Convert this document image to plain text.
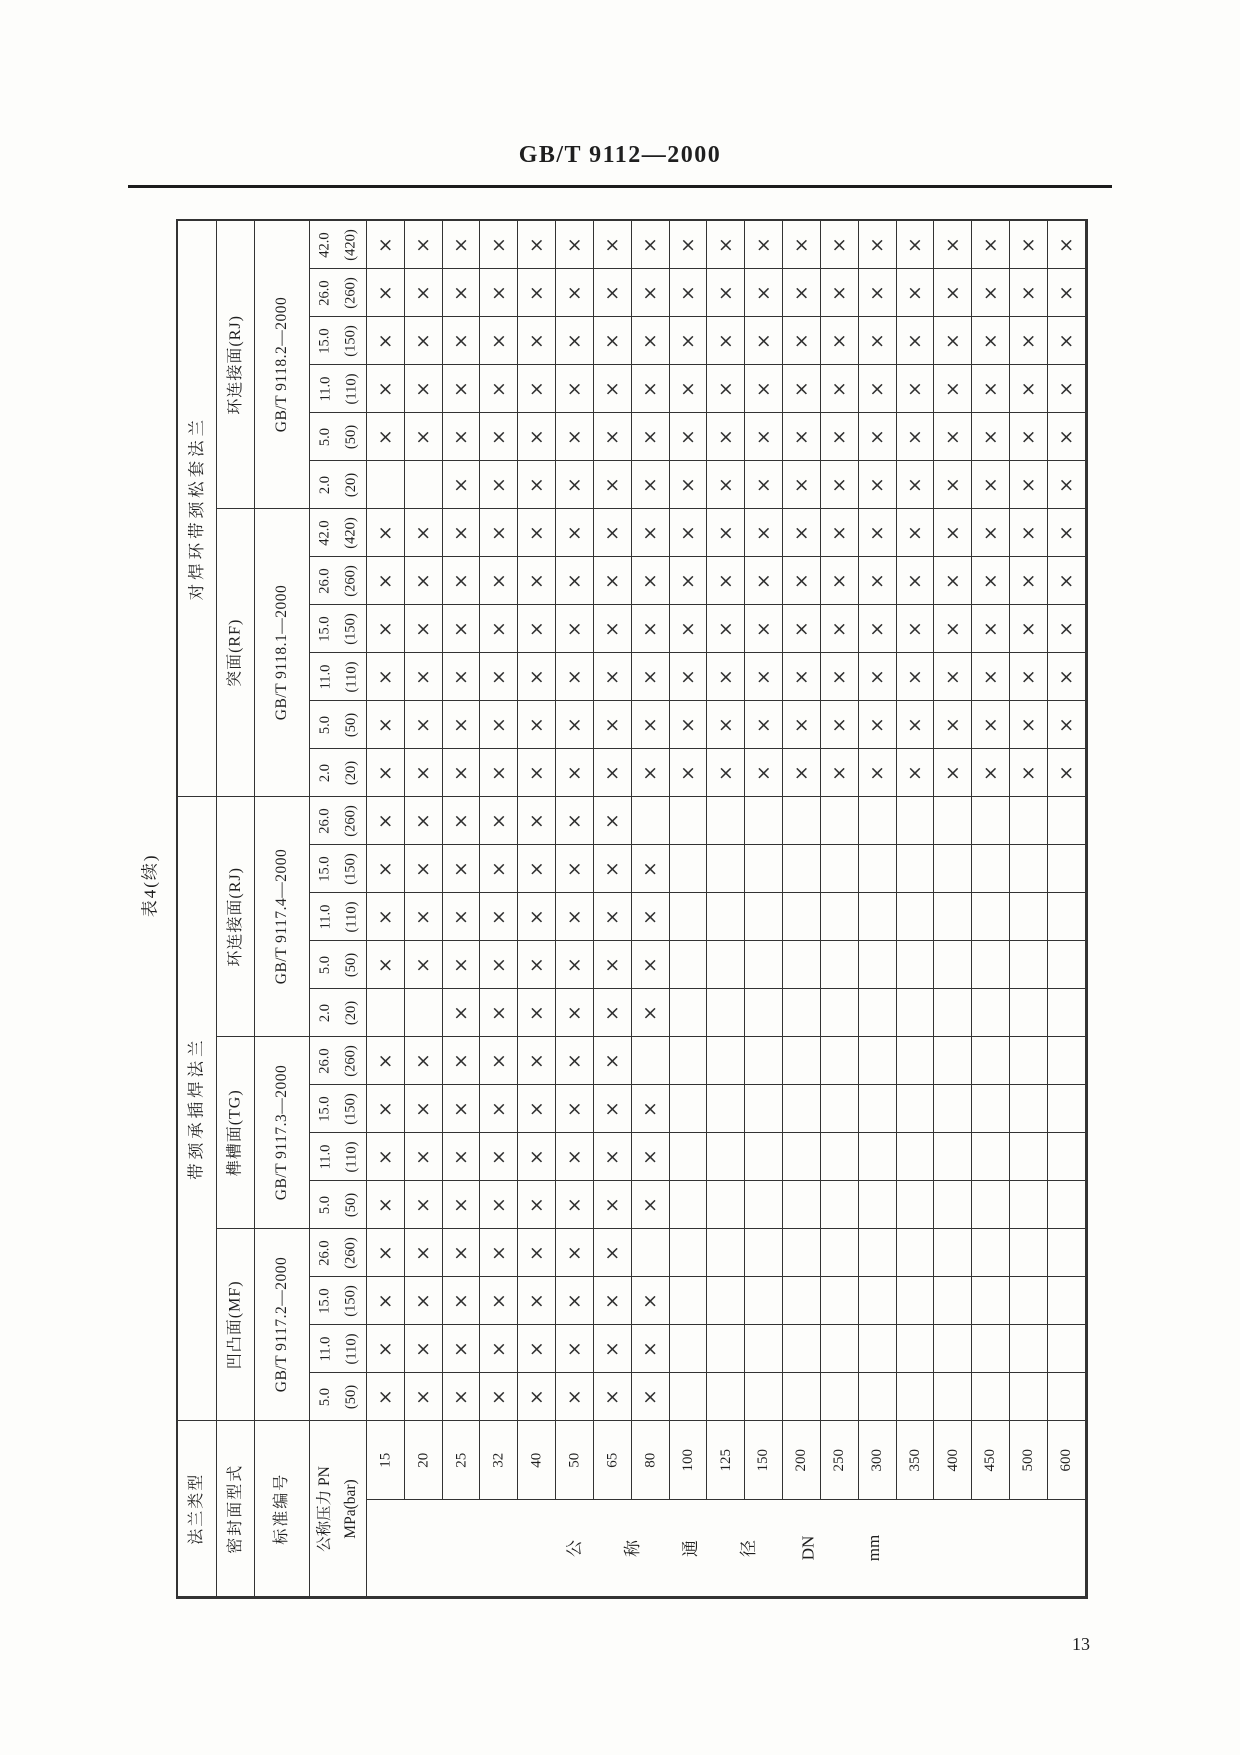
GB/T 9112—2000
表4(续)
对焊环带颈松套法兰
带颈承插焊法兰
法兰类型
环连接面(RJ) GB/T 9118.2—2000
突面(RF) GB/T 9118.1—2000
环连接面(RJ) GB/T 9117.4—2000
榫槽面(TG) GB/T 9117.3—2000
凹凸面(MF) GB/T 9117.2—2000
密封面型式 标准编号
42.0 (420) × × × × × × × × × × × × × × × × × × ×
26.0 (260) × × × × × × × × × × × × × × × × × × ×
15.0 (150) × × × × × × × × × × × × × × × × × × ×
11.0 (110) × × × × × × × × × × × × × × × × × × ×
5.0 (50) × × × × × × × × × × × × × × × × × × ×
2.0 (20)	× × × × × × × × × × × × × × × × ×
42.0 (420) × × × × × × × × × × × × × × × × × × ×
26.0 (260) × × × × × × × × × × × × × × × × × × ×
15.0 (150) × × × × × × × × × × × × × × × × × × ×
11.0 (110) × × × × × × × × × × × × × × × × × × ×
5.0 (50) × × × × × × × × × × × × × × × × × × ×
2.0 (20) × × × × × × × × × × × × × × × × × × ×
26.0 (260) × × × × × × ×
15.0 (150) × × × × × × × ×
11.0 (110) × × × × × × × ×
5.0 (50) × × × × × × × ×
2.0 (20)	× × × × × ×
26.0 (260) × × × × × × ×
15.0 (150) × × × × × × × ×
11.0 (110) × × × × × × × ×
5.0 (50) × × × × × × × ×
26.0 (260) × × × × × × ×
15.0 (150) × × × × × × × ×
11.0 (110) × × × × × × × ×
5.0 (50) × × × × × × × ×
公称压力 PN MPa(bar)
15 20 25 32 40 50 65 80 100 125 150 200 250 300 350 400 450 500 600
公 称 通 径 DN	mm
13
